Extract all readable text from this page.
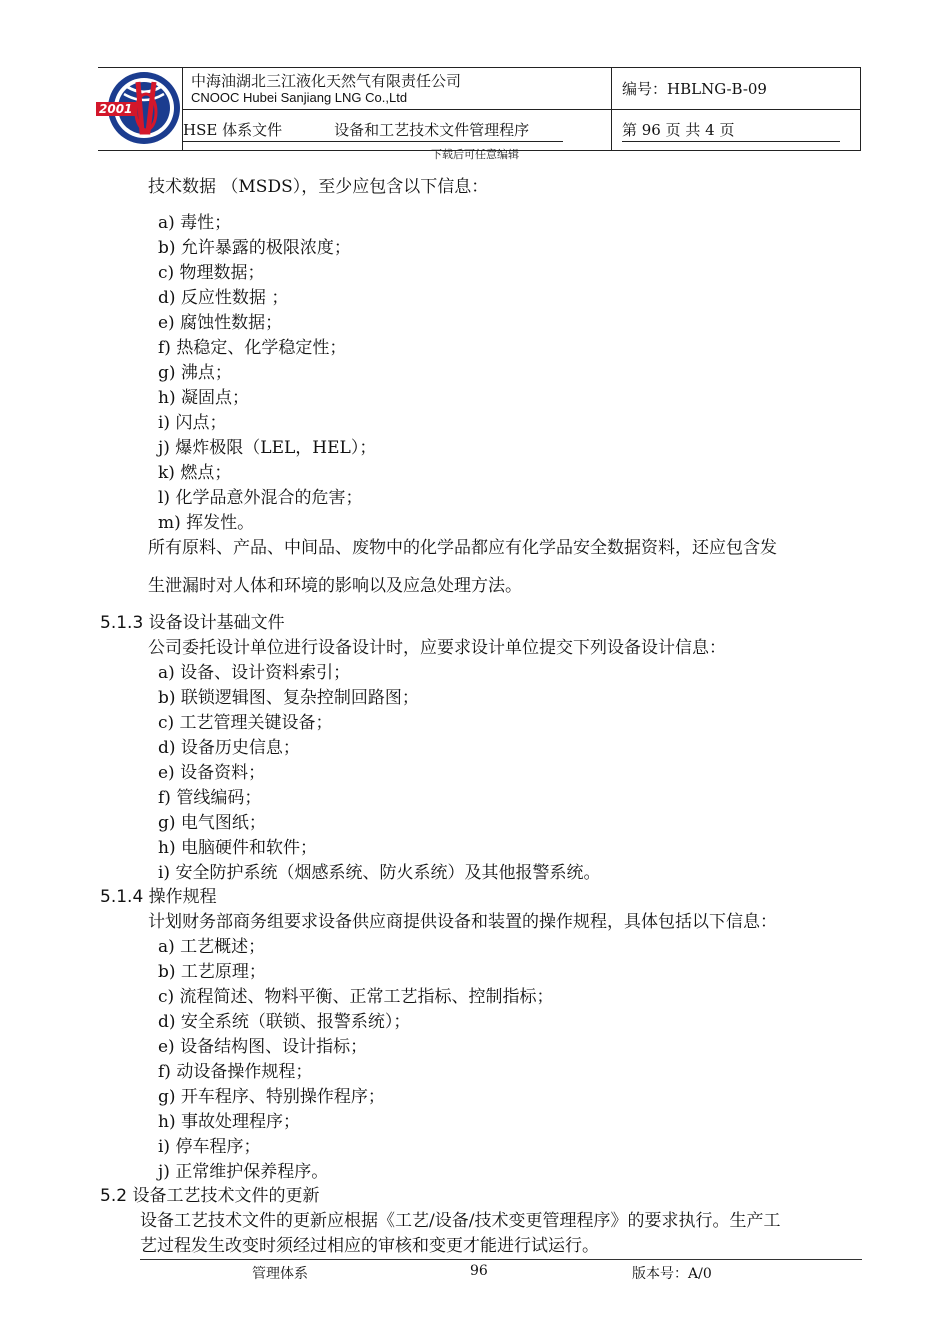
2001	中海油湖北三江液化天然气有限责任公司
CNOOC Hubei Sanjiang LNG Co.,Ltd	编号：HBLNG-B-09
	HSE 体系文件 设备和工艺技术文件管理程序	第 96 页 共 4 页
下载后可任意编辑
技术数据 （MSDS），至少应包含以下信息：
a) 毒性；
b) 允许暴露的极限浓度；
c) 物理数据；
d) 反应性数据 ；
e) 腐蚀性数据；
f) 热稳定、化学稳定性；
g) 沸点；
h) 凝固点；
i) 闪点；
j) 爆炸极限（LEL，HEL）；
k) 燃点；
l) 化学品意外混合的危害；
m) 挥发性。
所有原料、产品、中间品、废物中的化学品都应有化学品安全数据资料，还应包含发
生泄漏时对人体和环境的影响以及应急处理方法。
5.1.3 设备设计基础文件
公司委托设计单位进行设备设计时，应要求设计单位提交下列设备设计信息：
a) 设备、设计资料索引；
b) 联锁逻辑图、复杂控制回路图；
c) 工艺管理关键设备；
d) 设备历史信息；
e) 设备资料；
f) 管线编码；
g) 电气图纸；
h) 电脑硬件和软件；
i) 安全防护系统（烟感系统、防火系统）及其他报警系统。
5.1.4 操作规程
计划财务部商务组要求设备供应商提供设备和装置的操作规程，具体包括以下信息：
a) 工艺概述；
b) 工艺原理；
c) 流程简述、物料平衡、正常工艺指标、控制指标；
d) 安全系统（联锁、报警系统）；
e) 设备结构图、设计指标；
f) 动设备操作规程；
g) 开车程序、特别操作程序；
h) 事故处理程序；
i) 停车程序；
j) 正常维护保养程序。
5.2 设备工艺技术文件的更新
设备工艺技术文件的更新应根据《工艺/设备/技术变更管理程序》的要求执行。生产工
艺过程发生改变时须经过相应的审核和变更才能进行试运行。
管理体系	96	版本号：A/0
